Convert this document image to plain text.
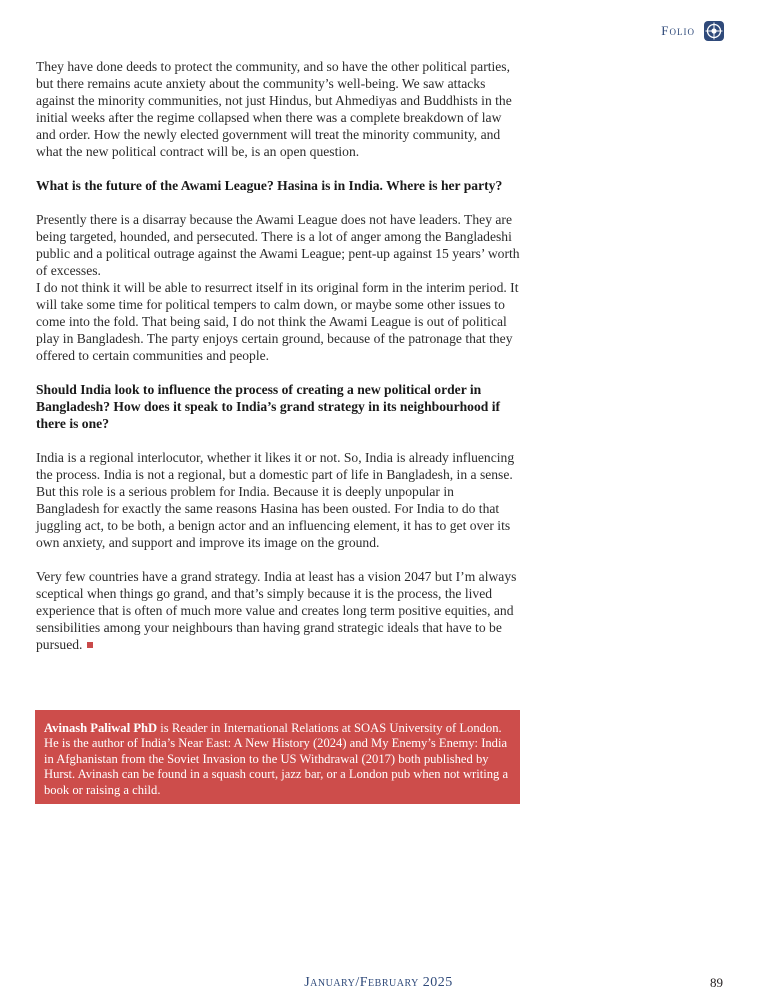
Folio

They have done deeds to protect the community, and so have the other political parties, but there remains acute anxiety about the community’s well-being. We saw attacks against the minority communities, not just Hindus, but Ahmediyas and Buddhists in the initial weeks after the regime collapsed when there was a complete breakdown of law and order. How the newly elected government will treat the minority community, and what the new political contract will be, is an open question.

What is the future of the Awami League? Hasina is in India. Where is her party?

Presently there is a disarray because the Awami League does not have leaders. They are being targeted, hounded, and persecuted. There is a lot of anger among the Bangladeshi public and a political outrage against the Awami League; pent-up against 15 years’ worth of excesses.

I do not think it will be able to resurrect itself in its original form in the interim period. It will take some time for political tempers to calm down, or maybe some other issues to come into the fold. That being said, I do not think the Awami League is out of political play in Bangladesh. The party enjoys certain ground, because of the patronage that they offered to certain communities and people.

Should India look to influence the process of creating a new political order in Bangladesh? How does it speak to India’s grand strategy in its neighbourhood if there is one?

India is a regional interlocutor, whether it likes it or not. So, India is already influencing the process. India is not a regional, but a domestic part of life in Bangladesh, in a sense. But this role is a serious problem for India. Because it is deeply unpopular in Bangladesh for exactly the same reasons Hasina has been ousted. For India to do that juggling act, to be both, a benign actor and an influencing element, it has to get over its own anxiety, and support and improve its image on the ground.

Very few countries have a grand strategy. India at least has a vision 2047 but I’m always sceptical when things go grand, and that’s simply because it is the process, the lived experience that is often of much more value and creates long term positive equities, and sensibilities among your neighbours than having grand strategic ideals that have to be pursued.

Avinash Paliwal PhD is Reader in International Relations at SOAS University of London. He is the author of India’s Near East: A New History (2024) and My Enemy’s Enemy: India in Afghanistan from the Soviet Invasion to the US Withdrawal (2017) both published by Hurst. Avinash can be found in a squash court, jazz bar, or a London pub when not writing a book or raising a child.

January/February 2025	89
